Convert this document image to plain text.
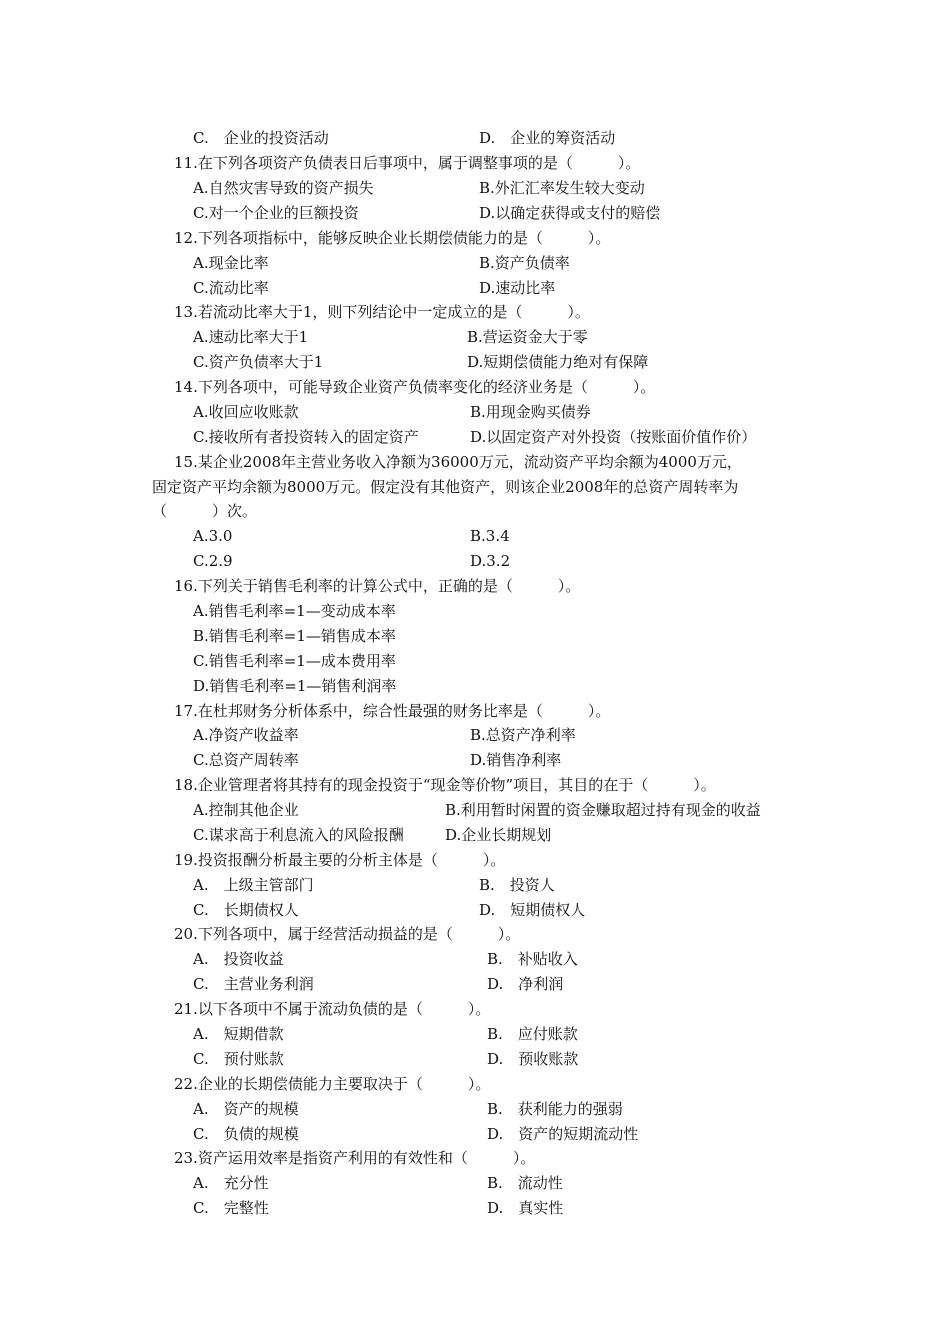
C.　企业的投资活动	D.　企业的筹资活动
11.在下列各项资产负债表日后事项中，属于调整事项的是（　　　）。
A.自然灾害导致的资产损失	B.外汇汇率发生较大变动
C.对一个企业的巨额投资	D.以确定获得或支付的赔偿
12.下列各项指标中，能够反映企业长期偿债能力的是（　　　）。
A.现金比率	B.资产负债率
C.流动比率	D.速动比率
13.若流动比率大于1，则下列结论中一定成立的是（　　　）。
A.速动比率大于1	B.营运资金大于零
C.资产负债率大于1	D.短期偿债能力绝对有保障
14.下列各项中，可能导致企业资产负债率变化的经济业务是（　　　）。
A.收回应收账款	B.用现金购买债券
C.接收所有者投资转入的固定资产	D.以固定资产对外投资（按账面价值作价）
15.某企业2008年主营业务收入净额为36000万元，流动资产平均余额为4000万元，
固定资产平均余额为8000万元。假定没有其他资产，则该企业2008年的总资产周转率为
（　　　）次。
A.3.0	B.3.4
C.2.9	D.3.2
16.下列关于销售毛利率的计算公式中，正确的是（　　　）。
A.销售毛利率=1—变动成本率
B.销售毛利率=1—销售成本率
C.销售毛利率=1—成本费用率
D.销售毛利率=1—销售利润率
17.在杜邦财务分析体系中，综合性最强的财务比率是（　　　）。
A.净资产收益率	B.总资产净利率
C.总资产周转率	D.销售净利率
18.企业管理者将其持有的现金投资于“现金等价物”项目，其目的在于（　　　）。
A.控制其他企业	B.利用暂时闲置的资金赚取超过持有现金的收益
C.谋求高于利息流入的风险报酬	D.企业长期规划
19.投资报酬分析最主要的分析主体是（　　　）。
A.　上级主管部门	B.　投资人
C.　长期债权人	D.　短期债权人
20.下列各项中，属于经营活动损益的是（　　　）。
A.　投资收益	B.　补贴收入
C.　主营业务利润	D.　净利润
21.以下各项中不属于流动负债的是（　　　）。
A.　短期借款	B.　应付账款
C.　预付账款	D.　预收账款
22.企业的长期偿债能力主要取决于（　　　）。
A.　资产的规模	B.　获利能力的强弱
C.　负债的规模	D.　资产的短期流动性
23.资产运用效率是指资产利用的有效性和（　　　）。
A.　充分性	B.　流动性
C.　完整性	D.　真实性
